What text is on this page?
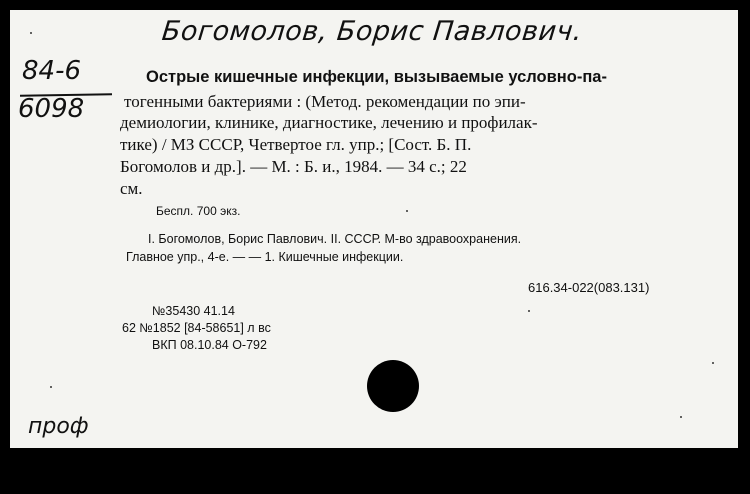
Богомолов, Борис Павлович.
84-6
6098
Острые кишечные инфекции, вызываемые условно-па-
тогенными бактериями : (Метод. рекомендации по эпи-
демиологии, клинике, диагностике, лечению и профилак-
тике) / МЗ СССР, Четвертое гл. упр.; [Сост. Б. П.
Богомолов и др.]. — М. : Б. и., 1984. — 34 с.; 22
см.
Беспл. 700 экз.
I. Богомолов, Борис Павлович. II. СССР. М-во здравоохранения.
Главное упр., 4-е. — — 1. Кишечные инфекции.
616.34-022(083.131)
№35430 41.14
62 №1852 [84-58651] л вс
ВКП 08.10.84 О-792
проф
